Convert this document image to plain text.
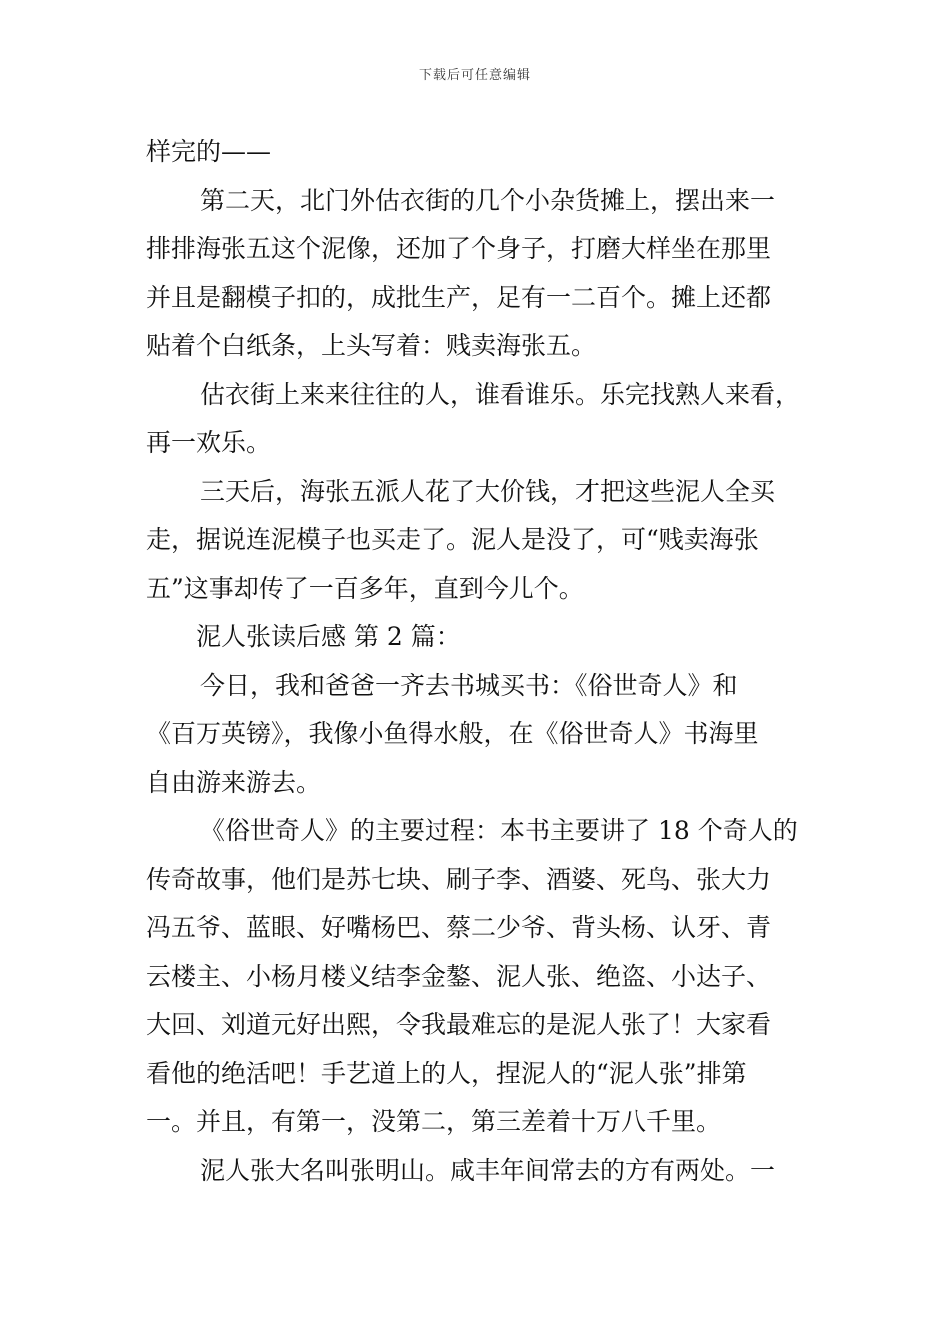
下载后可任意编辑
样完的——
第二天，北门外估衣街的几个小杂货摊上，摆出来一
排排海张五这个泥像，还加了个身子，打磨大样坐在那里
并且是翻模子扣的，成批生产，足有一二百个。摊上还都
贴着个白纸条，上头写着：贱卖海张五。
估衣街上来来往往的人，谁看谁乐。乐完找熟人来看，
再一欢乐。
三天后，海张五派人花了大价钱，才把这些泥人全买
走，据说连泥模子也买走了。泥人是没了，可“贱卖海张
五”这事却传了一百多年，直到今儿个。
泥人张读后感 第 2 篇：
今日，我和爸爸一齐去书城买书：《俗世奇人》和
《百万英镑》，我像小鱼得水般，在《俗世奇人》书海里
自由游来游去。
《俗世奇人》的主要过程：本书主要讲了 18 个奇人的
传奇故事，他们是苏七块、刷子李、酒婆、死鸟、张大力
冯五爷、蓝眼、好嘴杨巴、蔡二少爷、背头杨、认牙、青
云楼主、小杨月楼义结李金鏊、泥人张、绝盗、小达子、
大回、刘道元好出熙，令我最难忘的是泥人张了！大家看
看他的绝活吧！手艺道上的人，捏泥人的“泥人张”排第
一。并且，有第一，没第二，第三差着十万八千里。
泥人张大名叫张明山。咸丰年间常去的方有两处。一
